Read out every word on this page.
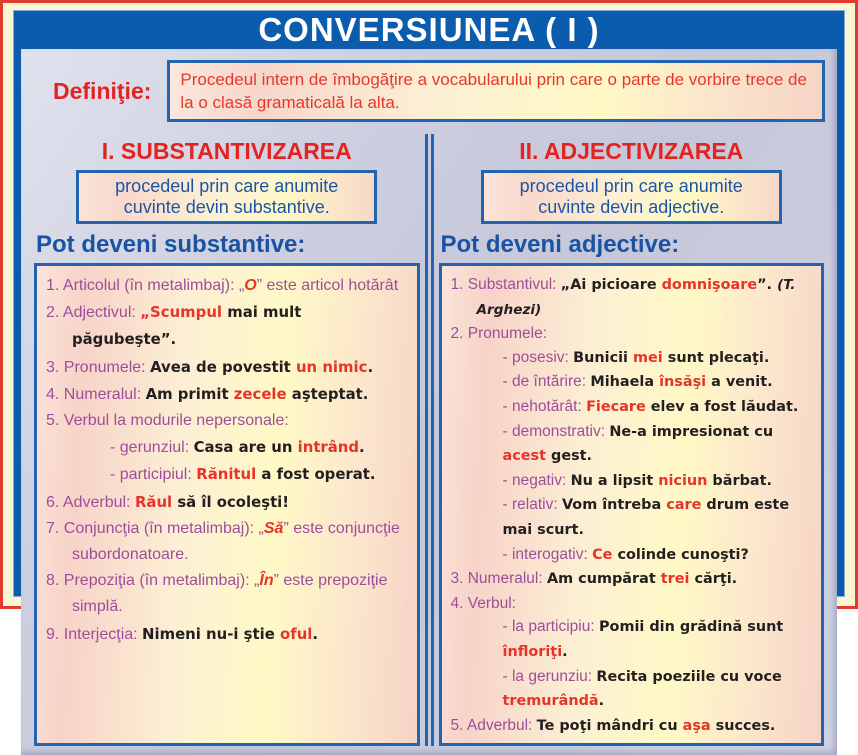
CONVERSIUNEA ( I )
Definiţie:	Procedeul intern de îmbogăţire a vocabularului prin care o parte de vorbire trece de la o clasă gramaticală la alta.
I. SUBSTANTIVIZAREA
procedeul prin care anumite cuvinte devin substantive.
Pot deveni substantive:
1. Articolul (în metalimbaj): „O” este articol hotărât
2. Adjectivul: „Scumpul mai mult păgubeşte”.
3. Pronumele: Avea de povestit un nimic.
4. Numeralul: Am primit zecele aşteptat.
5. Verbul la modurile nepersonale:
- gerunziul: Casa are un intrând.
- participiul: Rănitul a fost operat.
6. Adverbul: Răul să îl ocoleşti!
7. Conjuncţia (în metalimbaj): „Să” este conjuncţie subordonatoare.
8. Prepoziţia (în metalimbaj): „În” este prepoziţie simplă.
9. Interjecţia: Nimeni nu-i ştie oful.
II. ADJECTIVIZAREA
procedeul prin care anumite cuvinte devin adjective.
Pot deveni adjective:
1. Substantivul: „Ai picioare domnişoare”. (T. Arghezi)
2. Pronumele:
- posesiv: Bunicii mei sunt plecaţi.
- de întărire: Mihaela însăşi a venit.
- nehotărât: Fiecare elev a fost lăudat.
- demonstrativ: Ne-a impresionat cu acest gest.
- negativ: Nu a lipsit niciun bărbat.
- relativ: Vom întreba care drum este mai scurt.
- interogativ: Ce colinde cunoşti?
3. Numeralul: Am cumpărat trei cărţi.
4. Verbul:
- la participiu: Pomii din grădină sunt înfloriţi.
- la gerunziu: Recita poeziile cu voce tremurândă.
5. Adverbul: Te poţi mândri cu aşa succes.
